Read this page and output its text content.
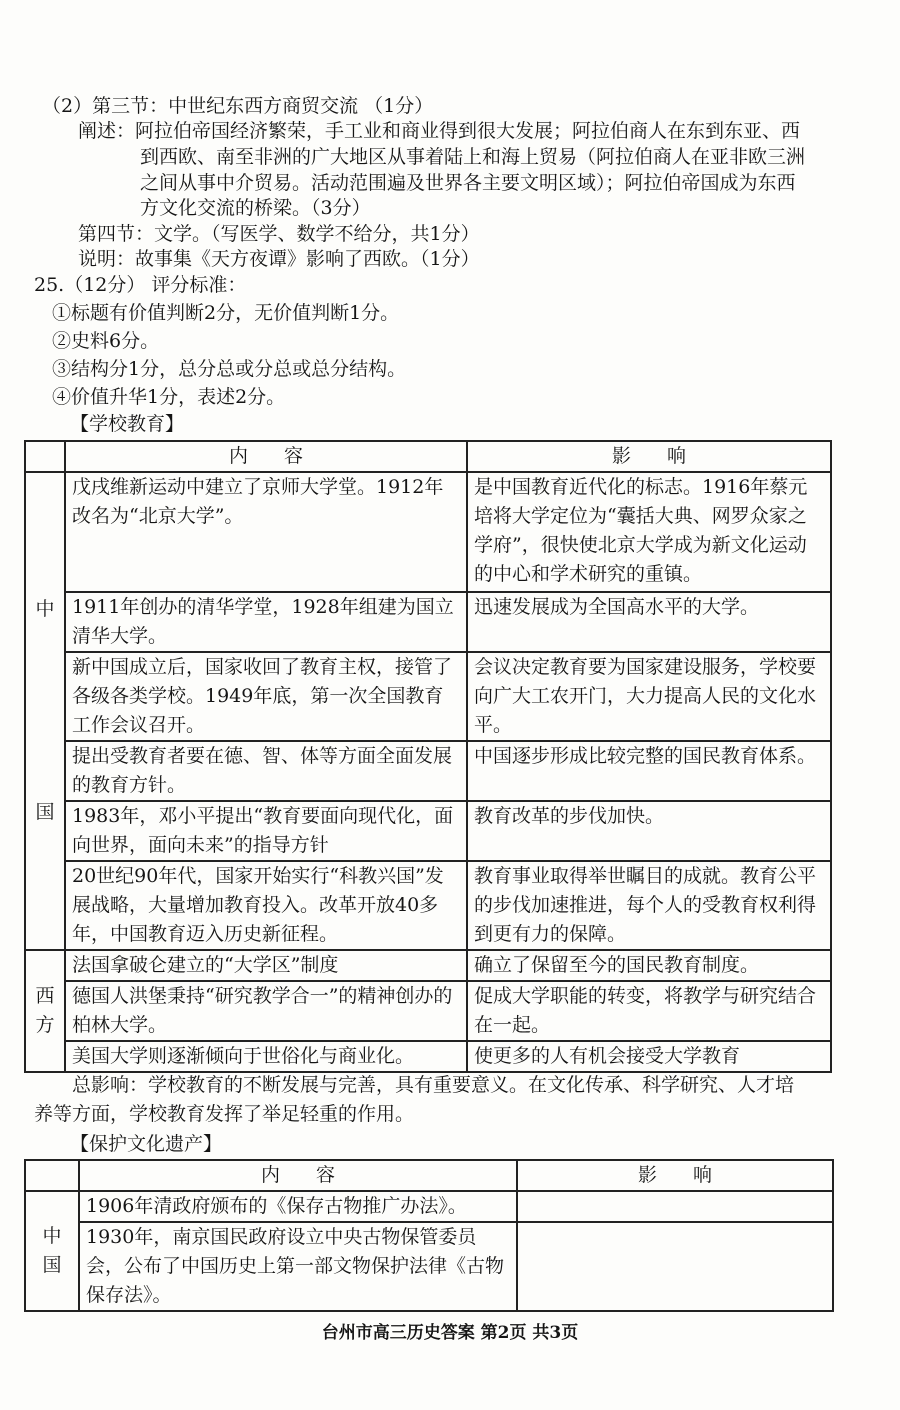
（2）第三节：中世纪东西方商贸交流 （1分）
阐述：阿拉伯帝国经济繁荣，手工业和商业得到很大发展；阿拉伯商人在东到东亚、西
到西欧、南至非洲的广大地区从事着陆上和海上贸易（阿拉伯商人在亚非欧三洲
之间从事中介贸易。活动范围遍及世界各主要文明区域）；阿拉伯帝国成为东西
方文化交流的桥梁。（3分）
第四节：文学。（写医学、数学不给分，共1分）
说明：故事集《天方夜谭》影响了西欧。（1分）
25.（12分） 评分标准：
①标题有价值判断2分，无价值判断1分。
②史料6分。
③结构分1分，总分总或分总或总分结构。
④价值升华1分，表述2分。
【学校教育】
	内 容	影 响
中

国	戊戌维新运动中建立了京师大学堂。1912年改名为“北京大学”。	是中国教育近代化的标志。1916年蔡元培将大学定位为“囊括大典、网罗众家之学府”，很快使北京大学成为新文化运动的中心和学术研究的重镇。
	1911年创办的清华学堂，1928年组建为国立清华大学。	迅速发展成为全国高水平的大学。
	新中国成立后，国家收回了教育主权，接管了各级各类学校。1949年底，第一次全国教育工作会议召开。	会议决定教育要为国家建设服务，学校要向广大工农开门，大力提高人民的文化水平。
	提出受教育者要在德、智、体等方面全面发展的教育方针。	中国逐步形成比较完整的国民教育体系。
	1983年，邓小平提出“教育要面向现代化，面向世界，面向未来”的指导方针	教育改革的步伐加快。
	20世纪90年代，国家开始实行“科教兴国”发展战略，大量增加教育投入。改革开放40多年，中国教育迈入历史新征程。	教育事业取得举世瞩目的成就。教育公平的步伐加速推进，每个人的受教育权利得到更有力的保障。
西
方	法国拿破仑建立的“大学区”制度	确立了保留至今的国民教育制度。
	德国人洪堡秉持“研究教学合一”的精神创办的柏林大学。	促成大学职能的转变，将教学与研究结合在一起。
	美国大学则逐渐倾向于世俗化与商业化。	使更多的人有机会接受大学教育
总影响：学校教育的不断发展与完善，具有重要意义。在文化传承、科学研究、人才培
养等方面，学校教育发挥了举足轻重的作用。
【保护文化遗产】
	内 容	影 响
中
国	1906年清政府颁布的《保存古物推广办法》。	
	1930年，南京国民政府设立中央古物保管委员会，公布了中国历史上第一部文物保护法律《古物保存法》。	
台州市高三历史答案 第2页 共3页
